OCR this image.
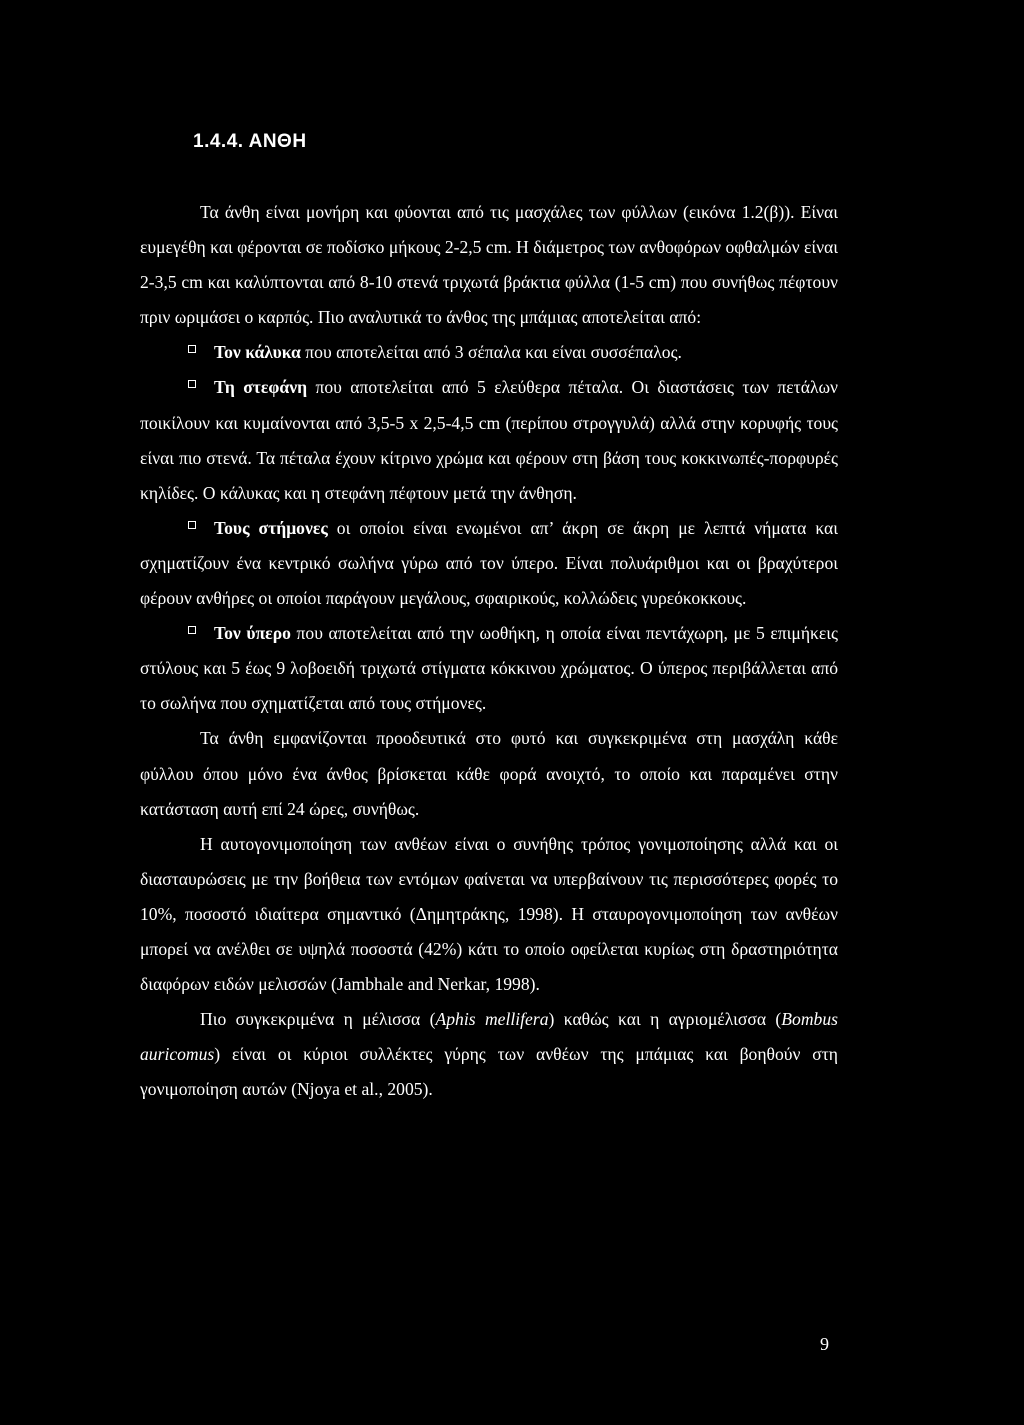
1.4.4. ΑΝΘΗ

Τα άνθη είναι μονήρη και φύονται από τις μασχάλες των φύλλων (εικόνα 1.2(β)). Είναι ευμεγέθη και φέρονται σε ποδίσκο μήκους 2-2,5 cm. Η διάμετρος των ανθοφόρων οφθαλμών είναι 2-3,5 cm και καλύπτονται από 8-10 στενά τριχωτά βράκτια φύλλα (1-5 cm) που συνήθως πέφτουν πριν ωριμάσει ο καρπός. Πιο αναλυτικά το άνθος της μπάμιας αποτελείται από:

Τον κάλυκα που αποτελείται από 3 σέπαλα και είναι συσσέπαλος.

Τη στεφάνη που αποτελείται από 5 ελεύθερα πέταλα. Οι διαστάσεις των πετάλων ποικίλουν και κυμαίνονται από 3,5-5 x 2,5-4,5 cm (περίπου στρογγυλά) αλλά στην κορυφής τους είναι πιο στενά. Τα πέταλα έχουν κίτρινο χρώμα και φέρουν στη βάση τους κοκκινωπές-πορφυρές κηλίδες. Ο κάλυκας και η στεφάνη πέφτουν μετά την άνθηση.

Τους στήμονες οι οποίοι είναι ενωμένοι απ’ άκρη σε άκρη με λεπτά νήματα και σχηματίζουν ένα κεντρικό σωλήνα γύρω από τον ύπερο. Είναι πολυάριθμοι και οι βραχύτεροι φέρουν ανθήρες οι οποίοι παράγουν μεγάλους, σφαιρικούς, κολλώδεις γυρεόκοκκους.

Τον ύπερο που αποτελείται από την ωοθήκη, η οποία είναι πεντάχωρη, με 5 επιμήκεις στύλους και 5 έως 9 λοβοειδή τριχωτά στίγματα κόκκινου χρώματος. Ο ύπερος περιβάλλεται από το σωλήνα που σχηματίζεται από τους στήμονες.

Τα άνθη εμφανίζονται προοδευτικά στο φυτό και συγκεκριμένα στη μασχάλη κάθε φύλλου όπου μόνο ένα άνθος βρίσκεται κάθε φορά ανοιχτό, το οποίο και παραμένει στην κατάσταση αυτή επί 24 ώρες, συνήθως.

Η αυτογονιμοποίηση των ανθέων είναι ο συνήθης τρόπος γονιμοποίησης αλλά και οι διασταυρώσεις με την βοήθεια των εντόμων φαίνεται να υπερβαίνουν τις περισσότερες φορές το 10%, ποσοστό ιδιαίτερα σημαντικό (Δημητράκης, 1998). Η σταυρογονιμοποίηση των ανθέων μπορεί να ανέλθει σε υψηλά ποσοστά (42%) κάτι το οποίο οφείλεται κυρίως στη δραστηριότητα διαφόρων ειδών μελισσών (Jambhale and Nerkar, 1998).

Πιο συγκεκριμένα η μέλισσα (Aphis mellifera) καθώς και η αγριομέλισσα (Bombus auricomus) είναι οι κύριοι συλλέκτες γύρης των ανθέων της μπάμιας και βοηθούν στη γονιμοποίηση αυτών (Njoya et al., 2005).

9
